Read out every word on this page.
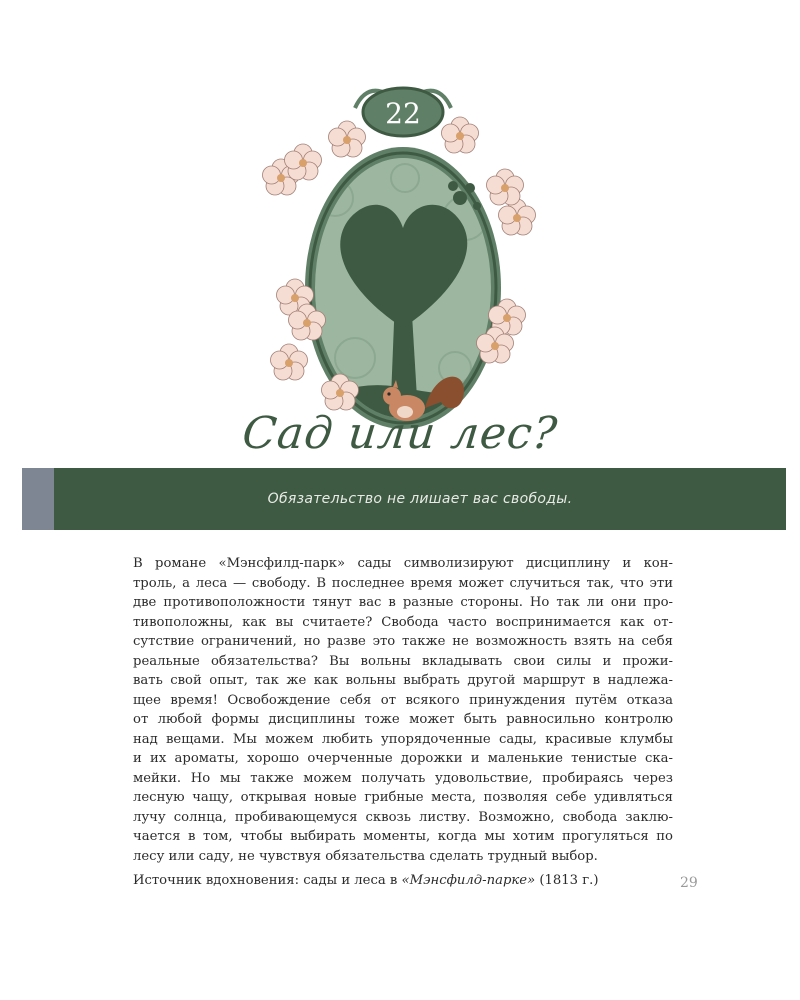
22
Сад или лес?
Обязательство не лишает вас свободы.

В романе «Мэнсфилд-парк» сады символизируют дисциплину и кон-
троль, а леса — свободу. В последнее время может случиться так, что эти
две противоположности тянут вас в разные стороны. Но так ли они про-
тивоположны, как вы считаете? Свобода часто воспринимается как от-
сутствие ограничений, но разве это также не возможность взять на себя
реальные обязательства? Вы вольны вкладывать свои силы и прожи-
вать свой опыт, так же как вольны выбрать другой маршрут в надлежа-
щее время! Освобождение себя от всякого принуждения путём отказа
от любой формы дисциплины тоже может быть равносильно контролю
над вещами. Мы можем любить упорядоченные сады, красивые клумбы
и их ароматы, хорошо очерченные дорожки и маленькие тенистые ска-
мейки. Но мы также можем получать удовольствие, пробираясь через
лесную чащу, открывая новые грибные места, позволяя себе удивляться
лучу солнца, пробивающемуся сквозь листву. Возможно, свобода заклю-
чается в том, чтобы выбирать моменты, когда мы хотим прогуляться по
лесу или саду, не чувствуя обязательства сделать трудный выбор.

Источник вдохновения: сады и леса в «Мэнсфилд-парке» (1813 г.)	29
